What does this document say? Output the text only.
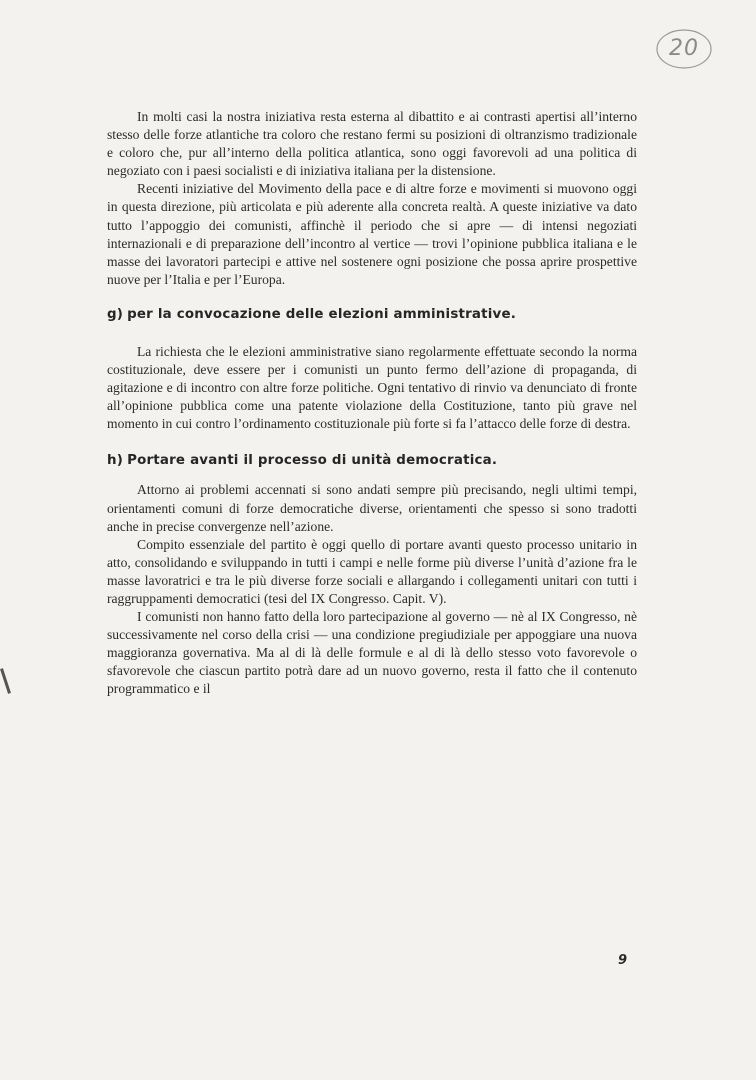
20

In molti casi la nostra iniziativa resta esterna al dibattito e ai contrasti apertisi all’interno stesso delle forze atlantiche tra coloro che restano fermi su posizioni di oltranzismo tradizionale e coloro che, pur all’interno della politica atlantica, sono oggi favorevoli ad una politica di negoziato con i paesi socialisti e di iniziativa italiana per la distensione.

Recenti iniziative del Movimento della pace e di altre forze e movimenti si muovono oggi in questa direzione, più articolata e più aderente alla concreta realtà. A queste iniziative va dato tutto l’appoggio dei comunisti, affinchè il periodo che si apre — di intensi negoziati internazionali e di preparazione dell’incontro al vertice — trovi l’opinione pubblica italiana e le masse dei lavoratori partecipi e attive nel sostenere ogni posizione che possa aprire prospettive nuove per l’Italia e per l’Europa.

g) per la convocazione delle elezioni amministrative.

La richiesta che le elezioni amministrative siano regolarmente effettuate secondo la norma costituzionale, deve essere per i comunisti un punto fermo dell’azione di propaganda, di agitazione e di incontro con altre forze politiche. Ogni tentativo di rinvio va denunciato di fronte all’opinione pubblica come una patente violazione della Costituzione, tanto più grave nel momento in cui contro l’ordinamento costituzionale più forte si fa l’attacco delle forze di destra.

h) Portare avanti il processo di unità democratica.

Attorno ai problemi accennati si sono andati sempre più precisando, negli ultimi tempi, orientamenti comuni di forze democratiche diverse, orientamenti che spesso si sono tradotti anche in precise convergenze nell’azione.

Compito essenziale del partito è oggi quello di portare avanti questo processo unitario in atto, consolidando e sviluppando in tutti i campi e nelle forme più diverse l’unità d’azione fra le masse lavoratrici e tra le più diverse forze sociali e allargando i collegamenti unitari con tutti i raggruppamenti democratici (tesi del IX Congresso. Capit. V).

I comunisti non hanno fatto della loro partecipazione al governo — nè al IX Congresso, nè successivamente nel corso della crisi — una condizione pregiudiziale per appoggiare una nuova maggioranza governativa. Ma al di là delle formule e al di là dello stesso voto favorevole o sfavorevole che ciascun partito potrà dare ad un nuovo governo, resta il fatto che il contenuto programmatico e il

9
